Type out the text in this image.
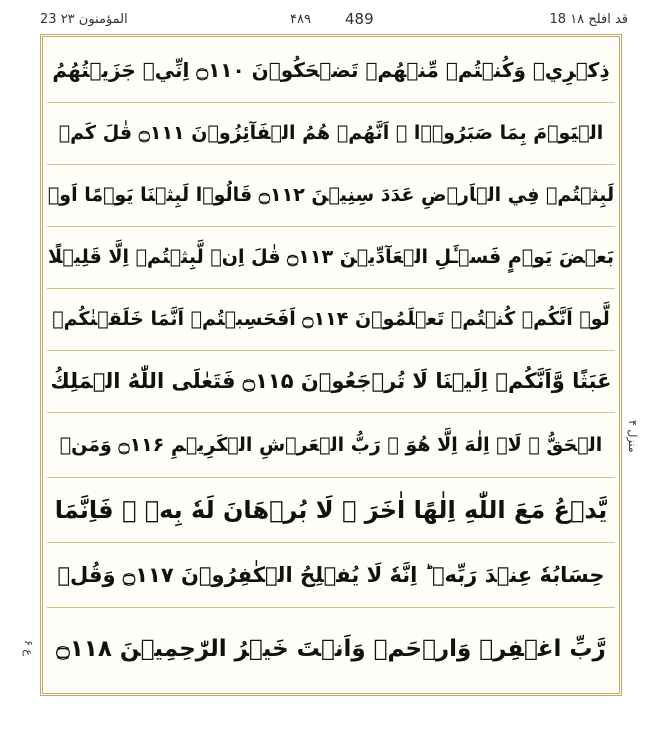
23 المؤمنون ۲۳	۴۸۹ 489	18 قد افلح ۱۸
ذِكۡرِيۡ وَكُنۡتُمۡ مِّنۡهُمۡ تَضۡحَكُوۡنَ ۝۱۱۰ اِنِّيۡ جَزَيۡتُهُمُ
الۡيَوۡمَ بِمَا صَبَرُوۡۤا ۙ اَنَّهُمۡ هُمُ الۡفَآئِزُوۡنَ ۝۱۱۱ قٰلَ كَمۡ
لَبِثۡتُمۡ فِي الۡاَرۡضِ عَدَدَ سِنِيۡنَ ۝۱۱۲ قَالُوۡا لَبِثۡنَا يَوۡمًا اَوۡ
بَعۡضَ يَوۡمٍ فَسۡـَٔلِ الۡعَآدِّيۡنَ ۝۱۱۳ قٰلَ اِنۡ لَّبِثۡتُمۡ اِلَّا قَلِيۡلًا
لَّوۡ اَنَّكُمۡ كُنۡتُمۡ تَعۡلَمُوۡنَ ۝۱۱۴ اَفَحَسِبۡتُمۡ اَنَّمَا خَلَقۡنٰكُمۡ
عَبَثًا وَّاَنَّكُمۡ اِلَيۡنَا لَا تُرۡجَعُوۡنَ ۝۱۱۵ فَتَعٰلَى اللّٰهُ الۡمَلِكُ
الۡحَقُّ ۚ لَاۤ اِلٰهَ اِلَّا هُوَ ۚ رَبُّ الۡعَرۡشِ الۡكَرِيۡمِ ۝۱۱۶ وَمَنۡ
يَّدۡعُ مَعَ اللّٰهِ اِلٰهًا اٰخَرَ ۙ لَا بُرۡهَانَ لَهٗ بِهٖ ۙ فَاِنَّمَا
حِسَابُهٗ عِنۡدَ رَبِّهٖ ؕ اِنَّهٗ لَا يُفۡلِحُ الۡكٰفِرُوۡنَ ۝۱۱۷ وَقُلۡ
رَّبِّ اغۡفِرۡ وَارۡحَمۡ وَاَنۡتَ خَيۡرُ الرّٰحِمِيۡنَ ۝۱۱۸
منزل ۴
ع ۶
